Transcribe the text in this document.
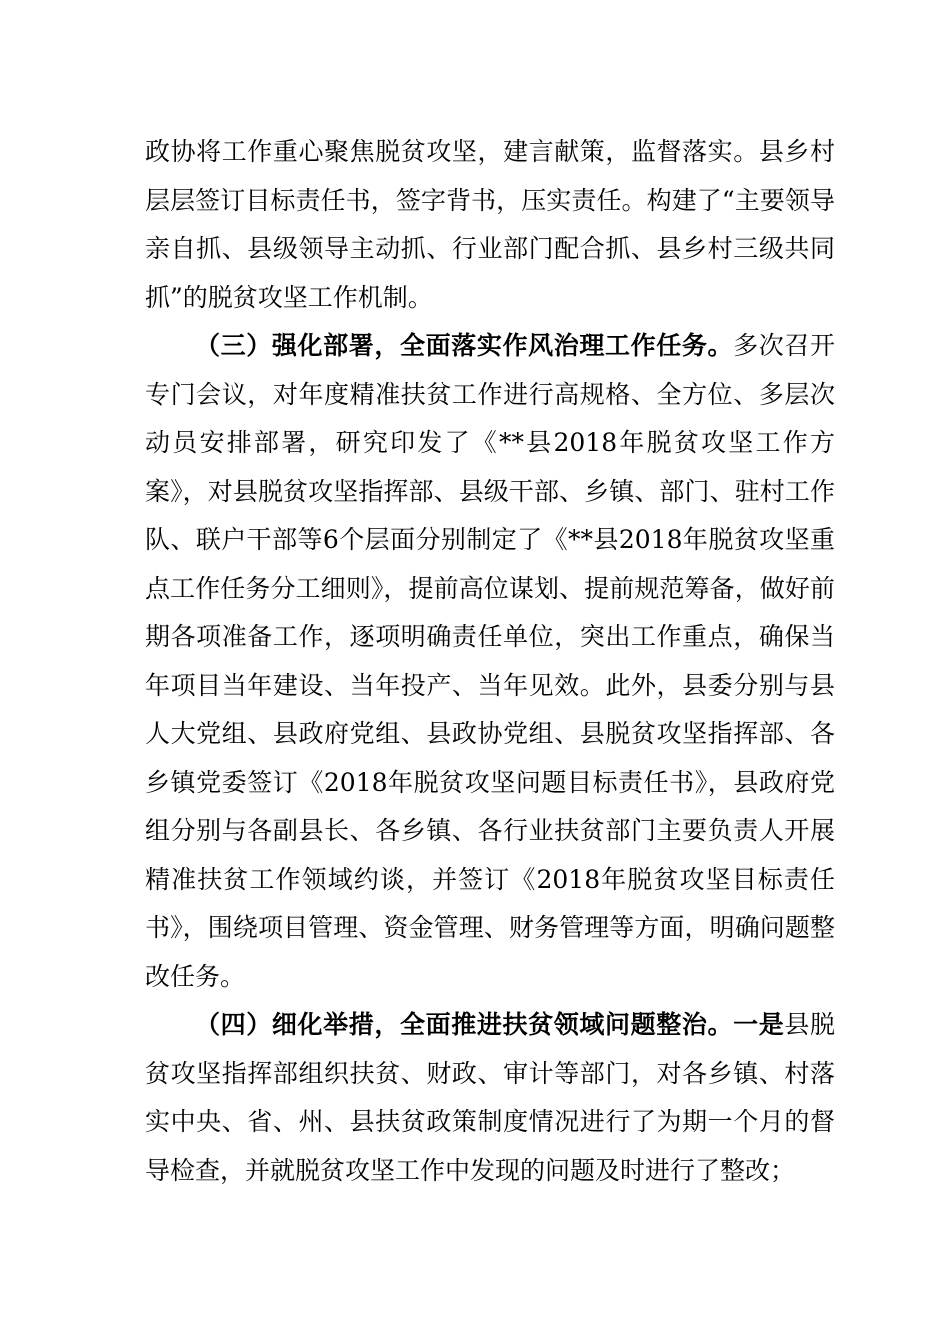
政协将工作重心聚焦脱贫攻坚，建言献策，监督落实。县乡村层层签订目标责任书，签字背书，压实责任。构建了“主要领导亲自抓、县级领导主动抓、行业部门配合抓、县乡村三级共同抓”的脱贫攻坚工作机制。

（三）强化部署，全面落实作风治理工作任务。多次召开专门会议，对年度精准扶贫工作进行高规格、全方位、多层次动员安排部署，研究印发了《**县2018年脱贫攻坚工作方案》，对县脱贫攻坚指挥部、县级干部、乡镇、部门、驻村工作队、联户干部等6个层面分别制定了《**县2018年脱贫攻坚重点工作任务分工细则》，提前高位谋划、提前规范筹备，做好前期各项准备工作，逐项明确责任单位，突出工作重点，确保当年项目当年建设、当年投产、当年见效。此外，县委分别与县人大党组、县政府党组、县政协党组、县脱贫攻坚指挥部、各乡镇党委签订《2018年脱贫攻坚问题目标责任书》，县政府党组分别与各副县长、各乡镇、各行业扶贫部门主要负责人开展精准扶贫工作领域约谈，并签订《2018年脱贫攻坚目标责任书》，围绕项目管理、资金管理、财务管理等方面，明确问题整改任务。

（四）细化举措，全面推进扶贫领域问题整治。一是县脱贫攻坚指挥部组织扶贫、财政、审计等部门，对各乡镇、村落实中央、省、州、县扶贫政策制度情况进行了为期一个月的督导检查，并就脱贫攻坚工作中发现的问题及时进行了整改；
